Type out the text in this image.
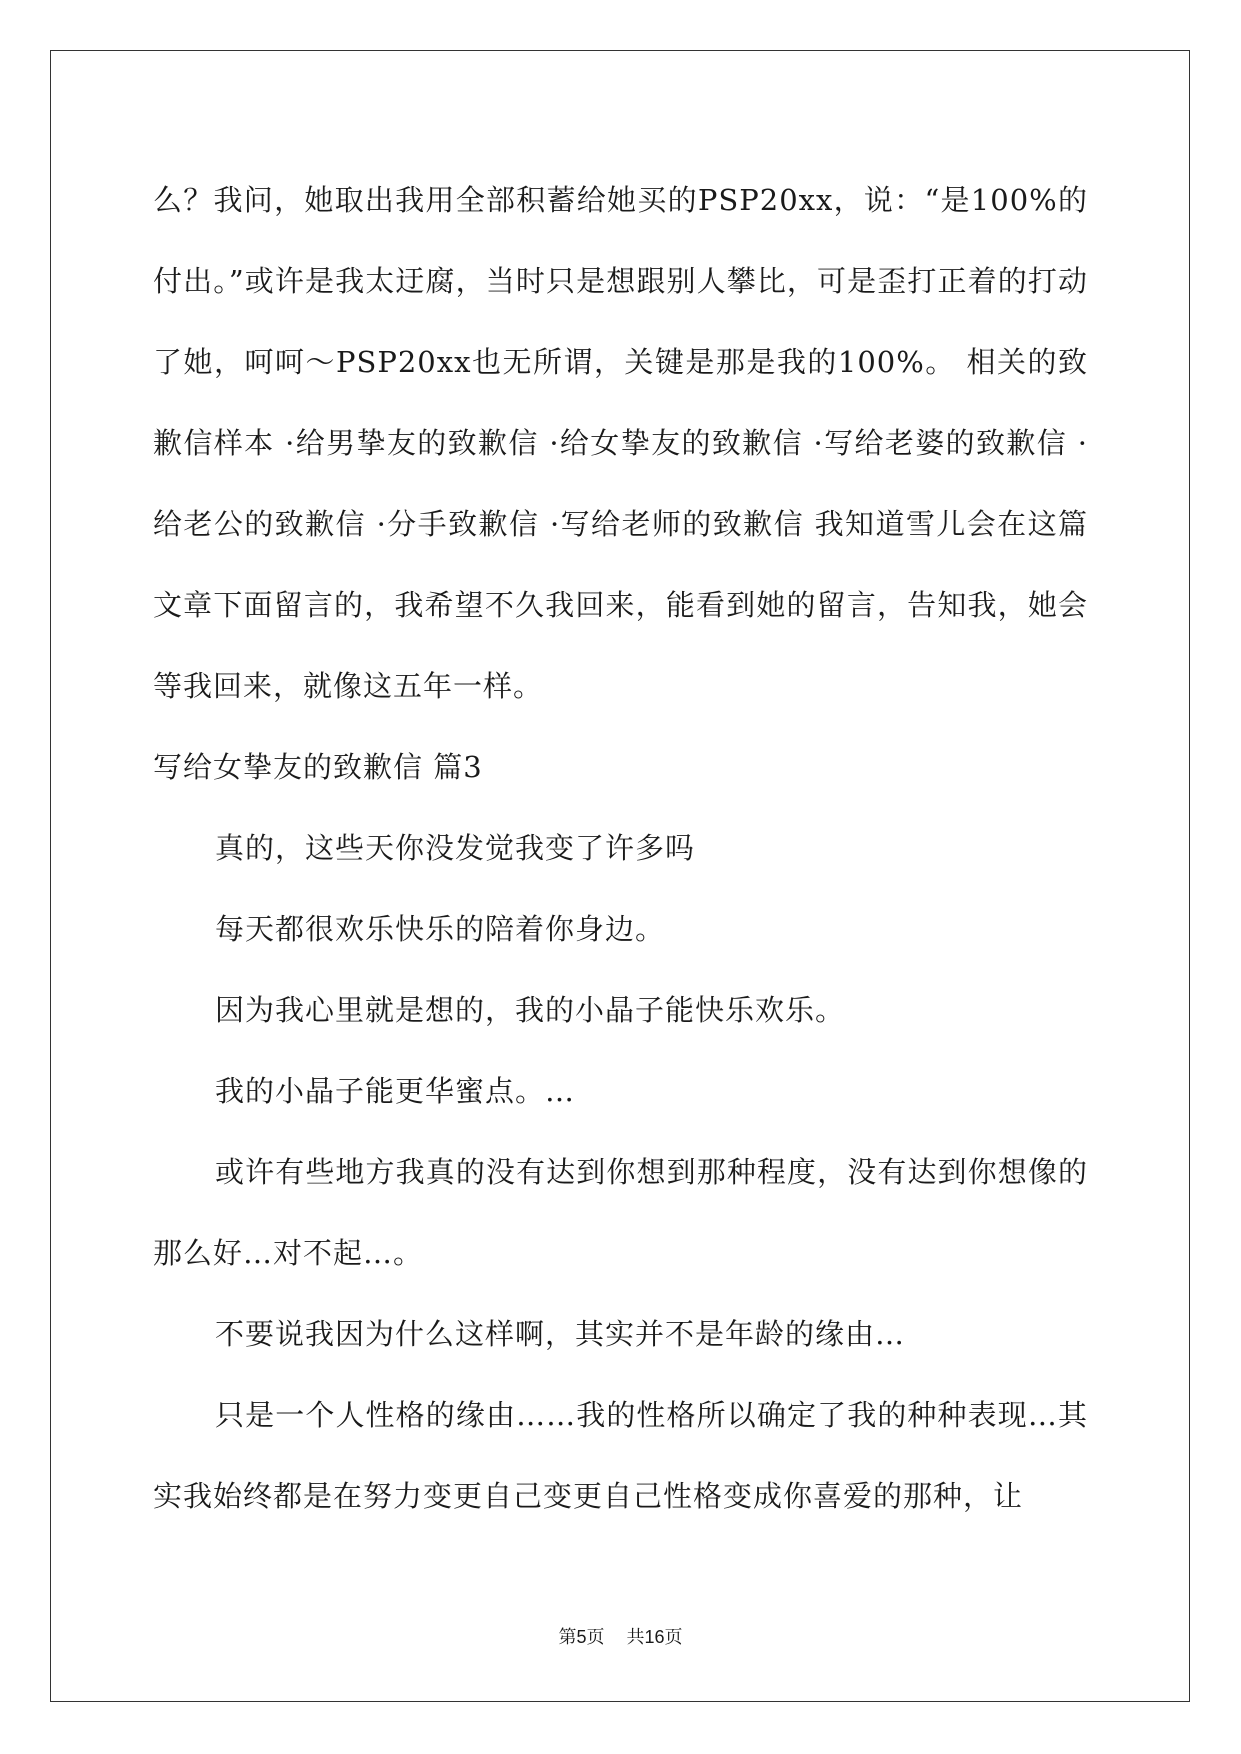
么？我问，她取出我用全部积蓄给她买的PSP20xx，说：“是100%的付出。”或许是我太迂腐，当时只是想跟别人攀比，可是歪打正着的打动了她，呵呵～PSP20xx也无所谓，关键是那是我的100%。 相关的致歉信样本 ·给男挚友的致歉信 ·给女挚友的致歉信 ·写给老婆的致歉信 ·给老公的致歉信 ·分手致歉信 ·写给老师的致歉信 我知道雪儿会在这篇文章下面留言的，我希望不久我回来，能看到她的留言，告知我，她会等我回来，就像这五年一样。

写给女挚友的致歉信 篇3

真的，这些天你没发觉我变了许多吗

每天都很欢乐快乐的陪着你身边。

因为我心里就是想的，我的小晶子能快乐欢乐。

我的小晶子能更华蜜点。…

或许有些地方我真的没有达到你想到那种程度，没有达到你想像的那么好…对不起…。

不要说我因为什么这样啊，其实并不是年龄的缘由…

只是一个人性格的缘由……我的性格所以确定了我的种种表现…其实我始终都是在努力变更自己变更自己性格变成你喜爱的那种，让

第5页 共16页
